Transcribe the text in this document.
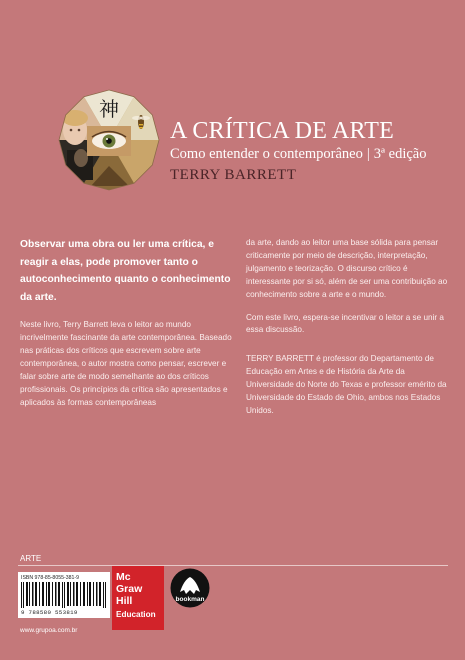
神
A CRÍTICA DE ARTE
Como entender o contemporâneo | 3ª edição
TERRY BARRETT

Observar uma obra ou ler uma crítica, e reagir a elas, pode promover tanto o autoconhecimento quanto o conhecimento da arte.

Neste livro, Terry Barrett leva o leitor ao mundo incrivelmente fascinante da arte contemporânea. Baseado nas práticas dos críticos que escrevem sobre arte contemporânea, o autor mostra como pensar, escrever e falar sobre arte de modo semelhante ao dos críticos profissionais. Os princípios da crítica são apresentados e aplicados às formas contemporâneas

da arte, dando ao leitor uma base sólida para pensar criticamente por meio de descrição, interpretação, julgamento e teorização. O discurso crítico é interessante por si só, além de ser uma contribuição ao conhecimento sobre a arte e o mundo.

Com este livro, espera-se incentivar o leitor a se unir a essa discussão.

TERRY BARRETT é professor do Departamento de Educação em Artes e de História da Arte da Universidade do Norte do Texas e professor emérito da Universidade do Estado de Ohio, ambos nos Estados Unidos.

ARTE
ISBN 978-85-8055-381-9
9 788580 553819
Mc
Graw
Hill
Education
bookman
www.grupoa.com.br
